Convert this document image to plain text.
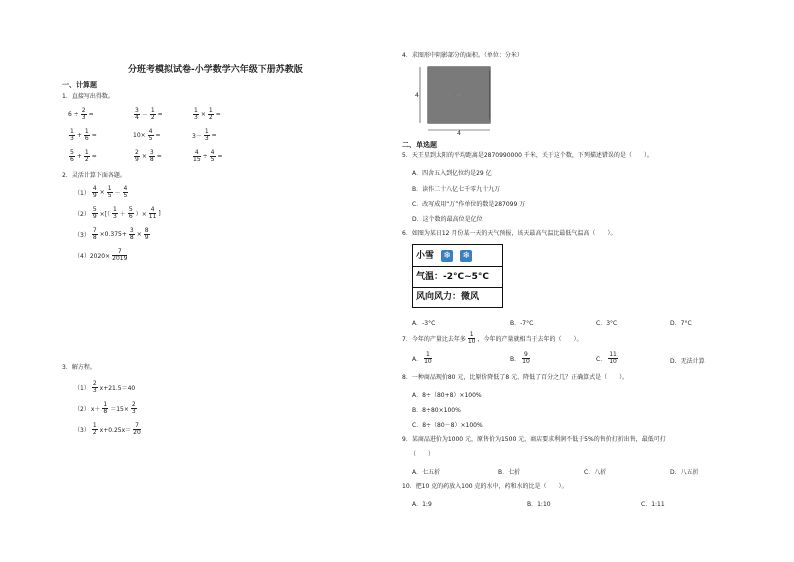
分班考模拟试卷-小学数学六年级下册苏教版
一、计算题
1．直接写出得数。
$6 \div \frac{2}{3}$ =	$\frac{3}{4} - \frac{1}{2}$ =	$\frac{1}{3} \times \frac{1}{2}$ =
$\frac{1}{3} + \frac{1}{6}$ =	$10\times \frac{4}{5}$ =	$3- \frac{1}{3}$ =
$\frac{5}{6} + \frac{1}{2}$ =	$\frac{2}{9} \times \frac{3}{8}$ =	$\frac{4}{15} \div \frac{4}{5}$ =
2．灵活计算下面各题。
$(1) \frac{4}{9} \times \frac{1}{5} - \frac{4}{5}$
$(2) \frac{5}{9}$ ×[（ $\frac{1}{3} + \frac{5}{6}$ ）× $\frac{4}{11}$ ]
$(3) \frac{7}{8} \times 0.375+ \frac{3}{8} \times \frac{8}{9}$
$(4)2020\times \frac{7}{2019}$
3．解方程。
$(1) \frac{2}{3} x+21.5=40$
（2） $x+ \frac{1}{8} =15\times \frac{2}{3}$
$(3) \frac{1}{2} x+0.25x= \frac{7}{20}$
4．求图形中阴影部分的面积。（单位：分米）
4
4
二、单选题
5．天王星到太阳的平均距离是2870990000 千米，关于这个数，下列描述错误的是（　　）。
A．四舍五入到亿位约是29 亿
B．读作二十八亿七千零九十九万
C．改写成用“万”作单位的数是287099 万
D．这个数的最高位是亿位
6．如图为某日12 月份某一天的天气预报，该天最高气温比最低气温高（　　）。
小雪 ❄ ❄
气温：-2°C~5°C
风向风力：微风
A．-3°C	B．-7°C	C．3°C	D．7°C
7．今年的产量比去年多 $\frac{1}{10}$ ，今年的产量就相当于去年的（　　）。
A． $\frac{1}{10}$	B． $\frac{9}{10}$	C． $\frac{11}{10}$	D．无法计算
8．一种商品现价80 元，比原价降低了8 元，降低了百分之几？正确算式是（　　）。
A．8÷（80+8）×100%
B．8÷80×100%
C．8÷（80－8）×100%
9．某商品进价为1000 元，原售价为1500 元，商店要求利润不低于5%的售价打折出售，最低可打
（　　）
A．七五折	B．七折	C．八折	D．八五折
10．把10 克的药放入100 克的水中，药和水的比是（　　）。
A．1:9	B．1:10	C．1:11
